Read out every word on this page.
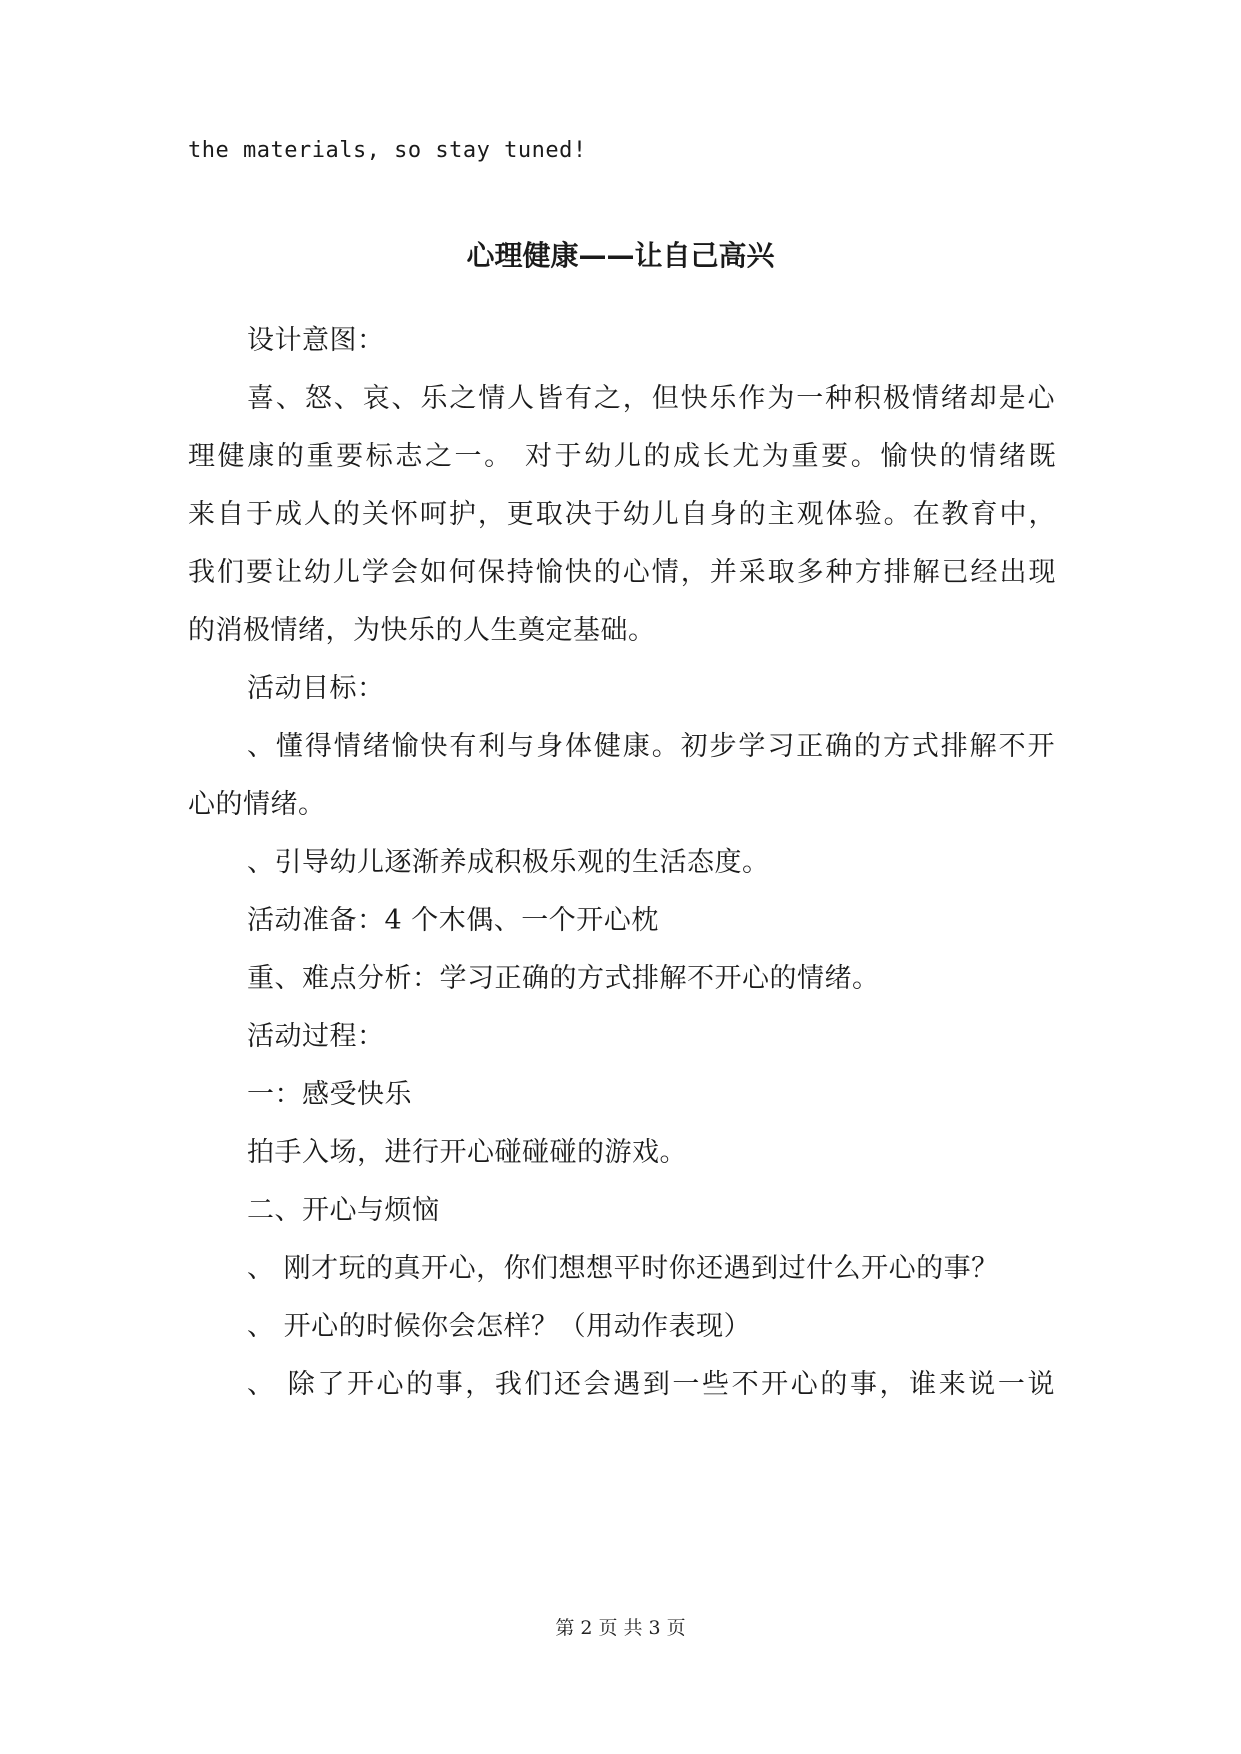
the materials, so stay tuned!
心理健康——让自己高兴
设计意图：
喜、怒、哀、乐之情人皆有之，但快乐作为一种积极情绪却是心
理健康的重要标志之一。 对于幼儿的成长尤为重要。愉快的情绪既
来自于成人的关怀呵护，更取决于幼儿自身的主观体验。在教育中，
我们要让幼儿学会如何保持愉快的心情，并采取多种方排解已经出现
的消极情绪，为快乐的人生奠定基础。
活动目标：
、懂得情绪愉快有利与身体健康。初步学习正确的方式排解不开
心的情绪。
、引导幼儿逐渐养成积极乐观的生活态度。
活动准备：4 个木偶、一个开心枕
重、难点分析：学习正确的方式排解不开心的情绪。
活动过程：
一：感受快乐
拍手入场，进行开心碰碰碰的游戏。
二、开心与烦恼
、 刚才玩的真开心，你们想想平时你还遇到过什么开心的事？
、 开心的时候你会怎样？（用动作表现）
、 除了开心的事，我们还会遇到一些不开心的事，谁来说一说
第 2 页 共 3 页
